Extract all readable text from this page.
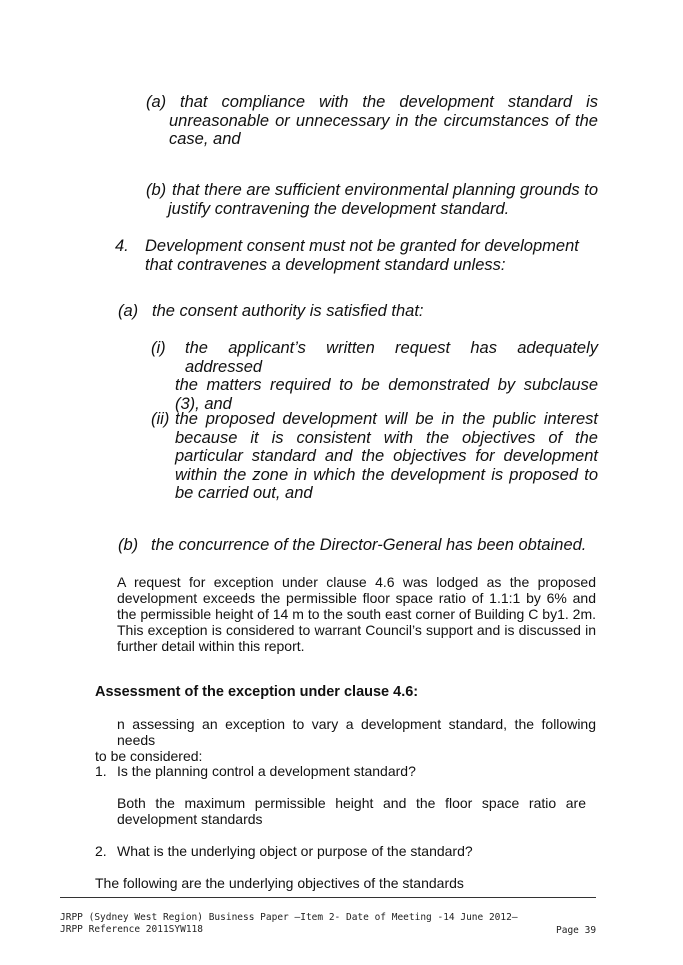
(a) that compliance with the development standard is
unreasonable or unnecessary in the circumstances of the case, and
(b) that there are sufficient environmental planning grounds to
justify contravening the development standard.
4. Development consent must not be granted for development that contravenes a development standard unless:
(a) the consent authority is satisfied that:
(i) the applicant’s written request has adequately addressed
the matters required to be demonstrated by subclause (3), and
(ii) the proposed development will be in the public interest
because it is consistent with the objectives of the particular standard and the objectives for development within the zone in which the development is proposed to be carried out, and
(b) the concurrence of the Director-General has been obtained.
A request for exception under clause 4.6 was lodged as the proposed development exceeds the permissible floor space ratio of 1.1:1 by 6% and the permissible height of 14 m to the south east corner of Building C by1. 2m. This exception is considered to warrant Council’s support and is discussed in further detail within this report.
Assessment of the exception under clause 4.6:
n assessing an exception to vary a development standard, the following needs
to be considered:
1. Is the planning control a development standard?
Both the maximum permissible height and the floor space ratio are development standards
2. What is the underlying object or purpose of the standard?
The following are the underlying objectives of the standards
JRPP (Sydney West Region) Business Paper –Item 2- Date of Meeting -14 June 2012–
JRPP Reference 2011SYW118	Page 39
